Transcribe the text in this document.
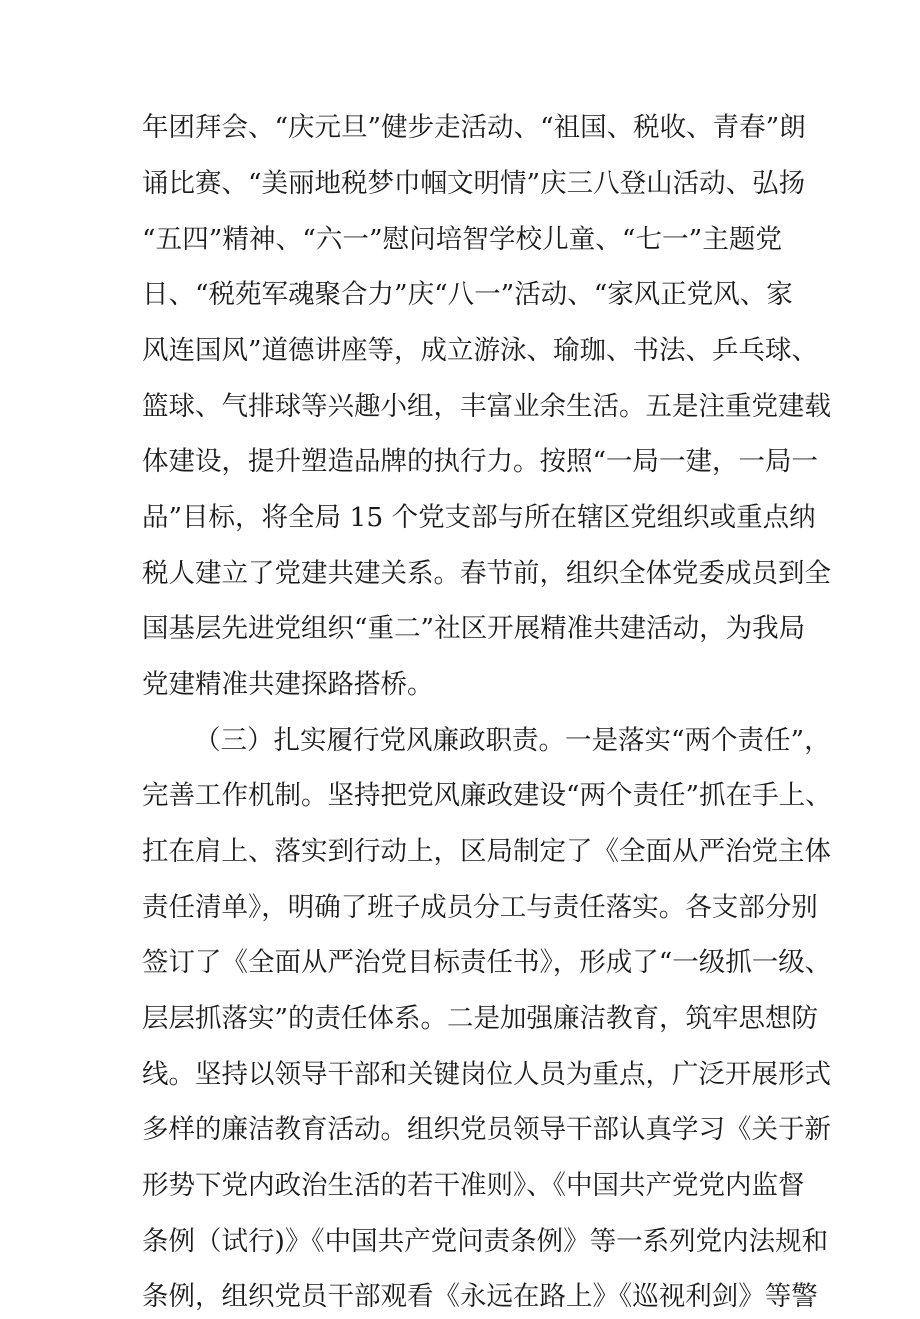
年团拜会、“庆元旦”健步走活动、“祖国、税收、青春”朗
诵比赛、“美丽地税梦巾帼文明情”庆三八登山活动、弘扬
“五四”精神、“六一”慰问培智学校儿童、“七一”主题党
日、“税苑军魂聚合力”庆“八一”活动、“家风正党风、家
风连国风”道德讲座等，成立游泳、瑜珈、书法、乒乓球、
篮球、气排球等兴趣小组，丰富业余生活。五是注重党建载
体建设，提升塑造品牌的执行力。按照“一局一建，一局一
品”目标，将全局 15 个党支部与所在辖区党组织或重点纳
税人建立了党建共建关系。春节前，组织全体党委成员到全
国基层先进党组织“重二”社区开展精准共建活动，为我局
党建精准共建探路搭桥。
（三）扎实履行党风廉政职责。一是落实“两个责任”，
完善工作机制。坚持把党风廉政建设“两个责任”抓在手上、
扛在肩上、落实到行动上，区局制定了《全面从严治党主体
责任清单》，明确了班子成员分工与责任落实。各支部分别
签订了《全面从严治党目标责任书》，形成了“一级抓一级、
层层抓落实”的责任体系。二是加强廉洁教育，筑牢思想防
线。坚持以领导干部和关键岗位人员为重点，广泛开展形式
多样的廉洁教育活动。组织党员领导干部认真学习《关于新
形势下党内政治生活的若干准则》、《中国共产党党内监督
条例（试行)》《中国共产党问责条例》等一系列党内法规和
条例，组织党员干部观看《永远在路上》《巡视利剑》等警
